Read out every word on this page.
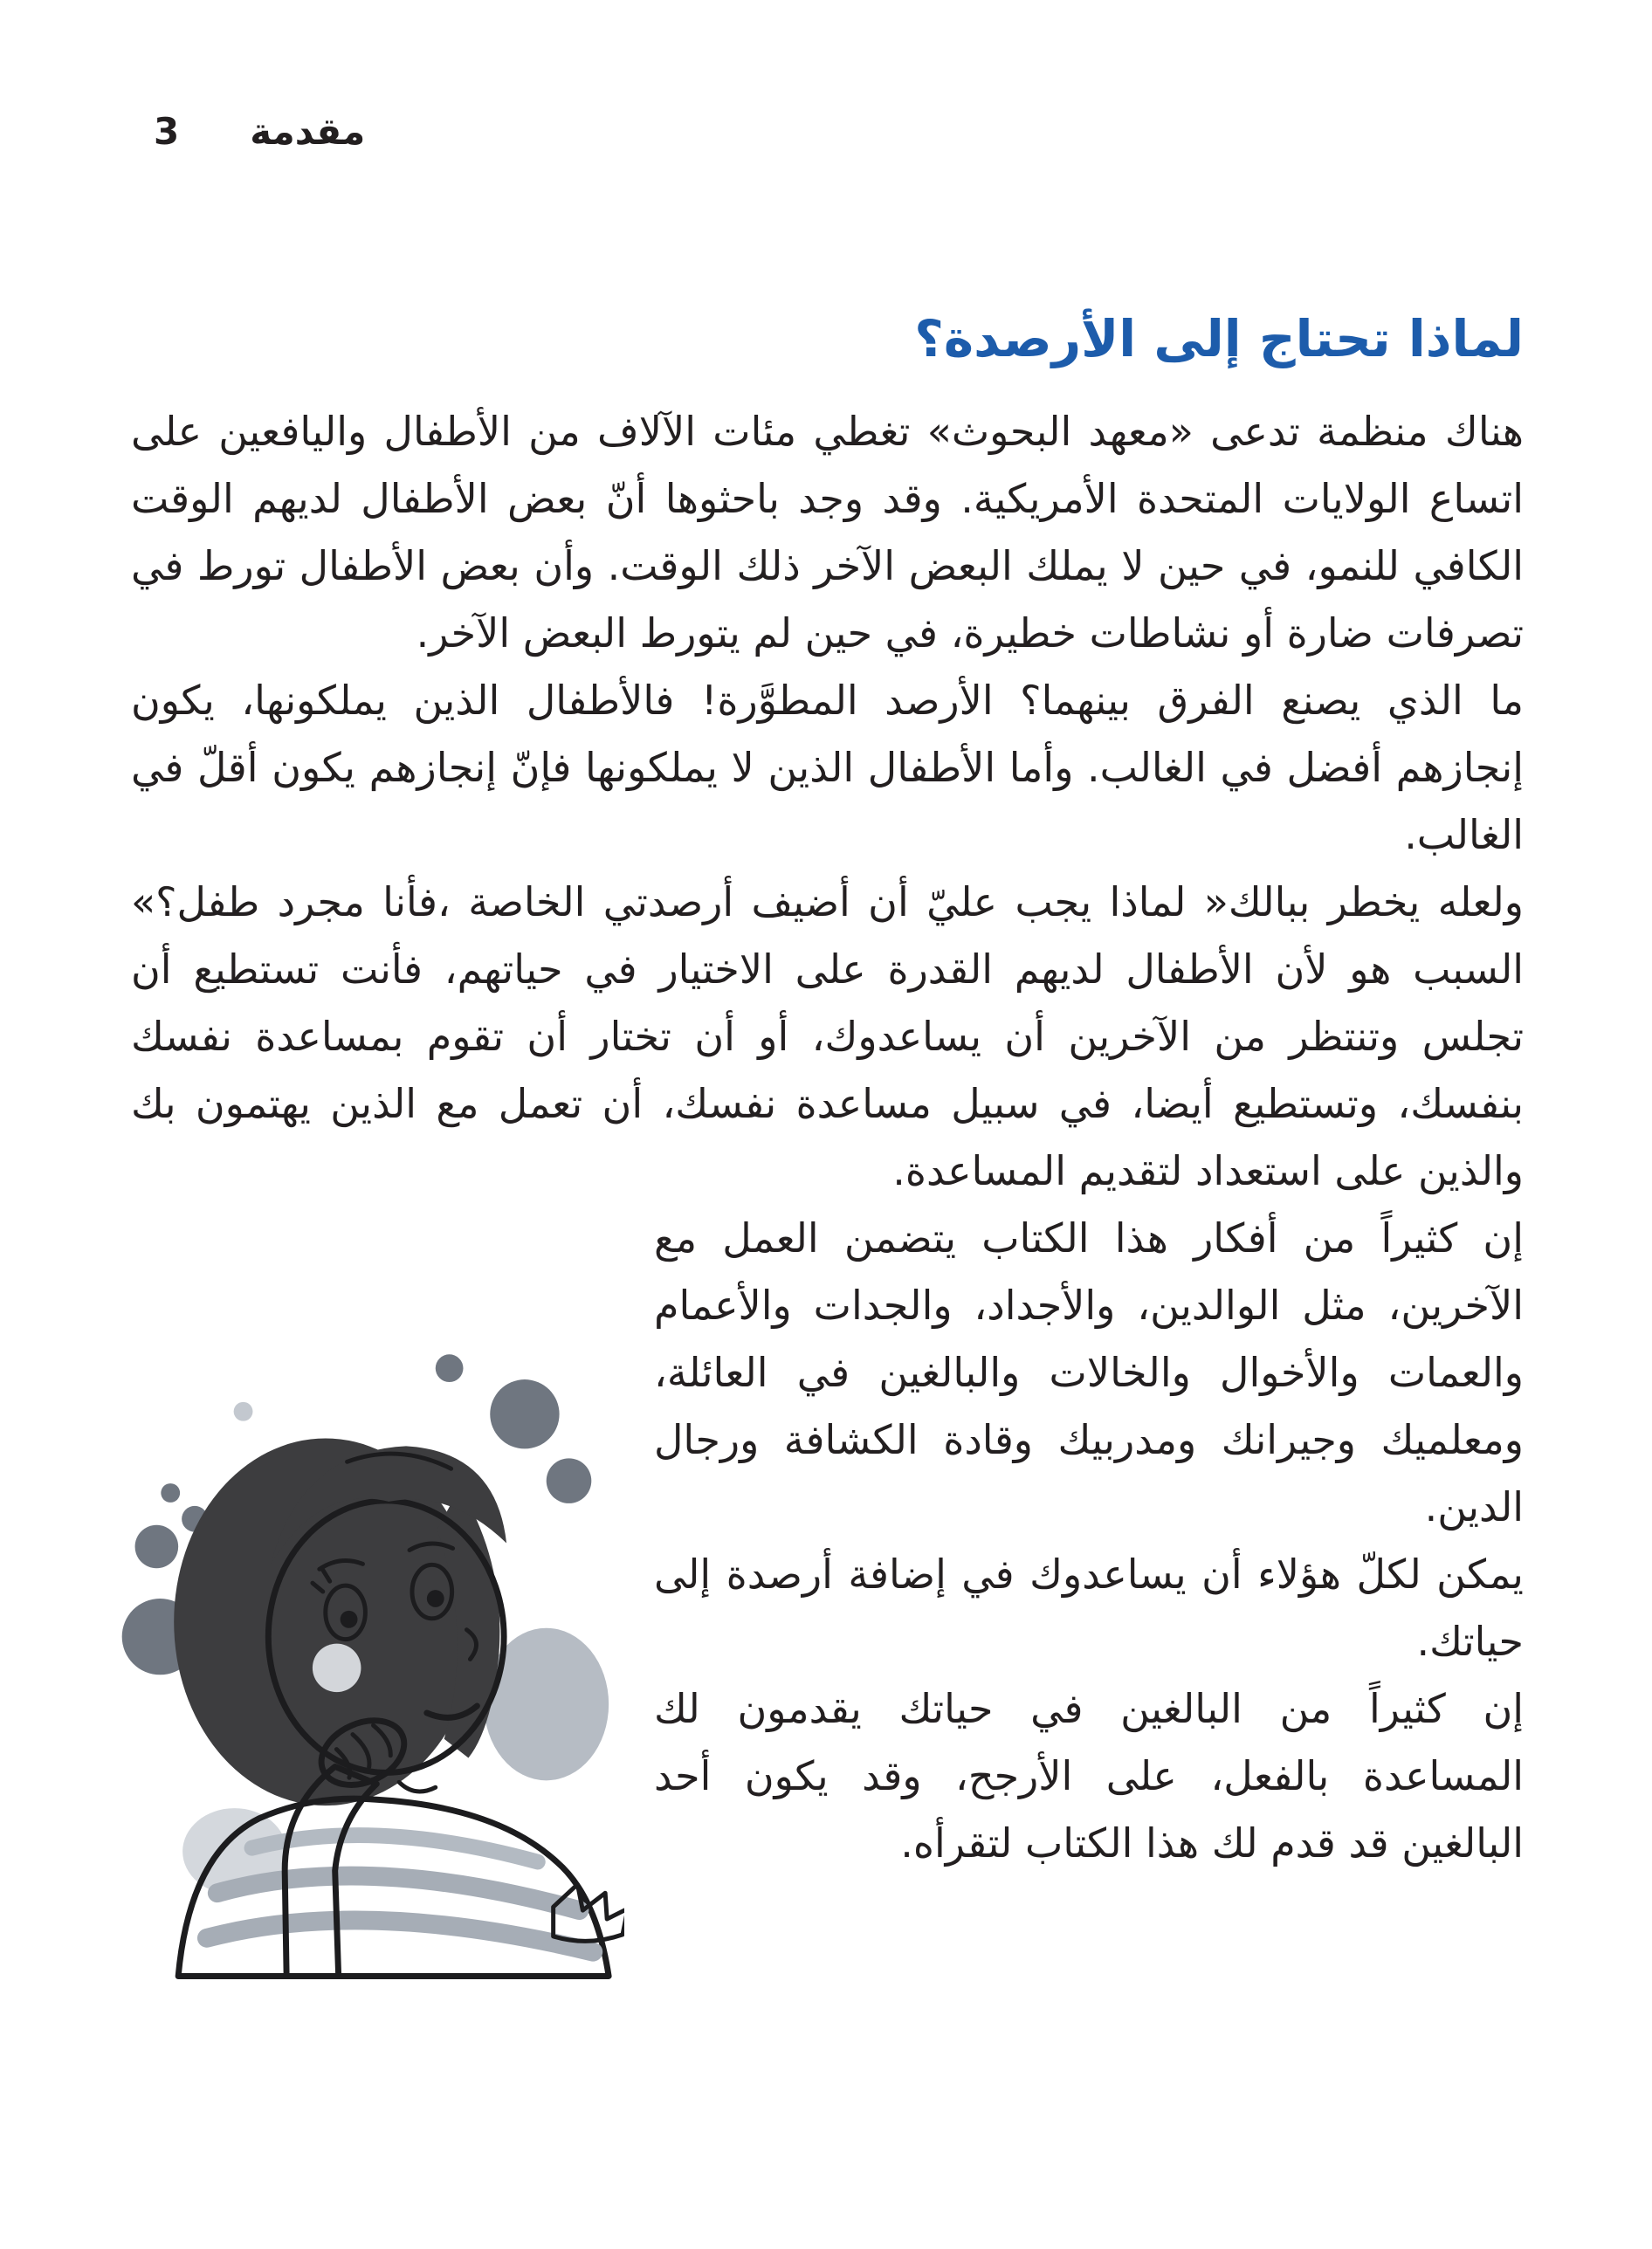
3 مقدمة
لماذا تحتاج إلى الأرصدة؟

هناك منظمة تدعى «معهد البحوث» تغطي مئات الآلاف من الأطفال واليافعين على اتساع الولايات المتحدة الأمريكية. وقد وجد باحثوها أنّ بعض الأطفال لديهم الوقت الكافي للنمو، في حين لا يملك البعض الآخر ذلك الوقت. وأن بعض الأطفال تورط في تصرفات ضارة أو نشاطات خطيرة، في حين لم يتورط البعض الآخر.

ما الذي يصنع الفرق بينهما؟ الأرصد المطوَّرة! فالأطفال الذين يملكونها، يكون إنجازهم أفضل في الغالب. وأما الأطفال الذين لا يملكونها فإنّ إنجازهم يكون أقلّ في الغالب.

ولعله يخطر ببالك« لماذا يجب عليّ أن أضيف أرصدتي الخاصة ،فأنا مجرد طفل؟» السبب هو لأن الأطفال لديهم القدرة على الاختيار في حياتهم، فأنت تستطيع أن تجلس وتنتظر من الآخرين أن يساعدوك، أو أن تختار أن تقوم بمساعدة نفسك بنفسك، وتستطيع أيضا، في سبيل مساعدة نفسك، أن تعمل مع الذين يهتمون بك والذين على استعداد لتقديم المساعدة.

إن كثيراً من أفكار هذا الكتاب يتضمن العمل مع الآخرين، مثل الوالدين، والأجداد، والجدات والأعمام والعمات والأخوال والخالات والبالغين في العائلة، ومعلميك وجيرانك ومدربيك وقادة الكشافة ورجال الدين.

يمكن لكلّ هؤلاء أن يساعدوك في إضافة أرصدة إلى حياتك.

إن كثيراً من البالغين في حياتك يقدمون لك المساعدة بالفعل، على الأرجح، وقد يكون أحد البالغين قد قدم لك هذا الكتاب لتقرأه.
